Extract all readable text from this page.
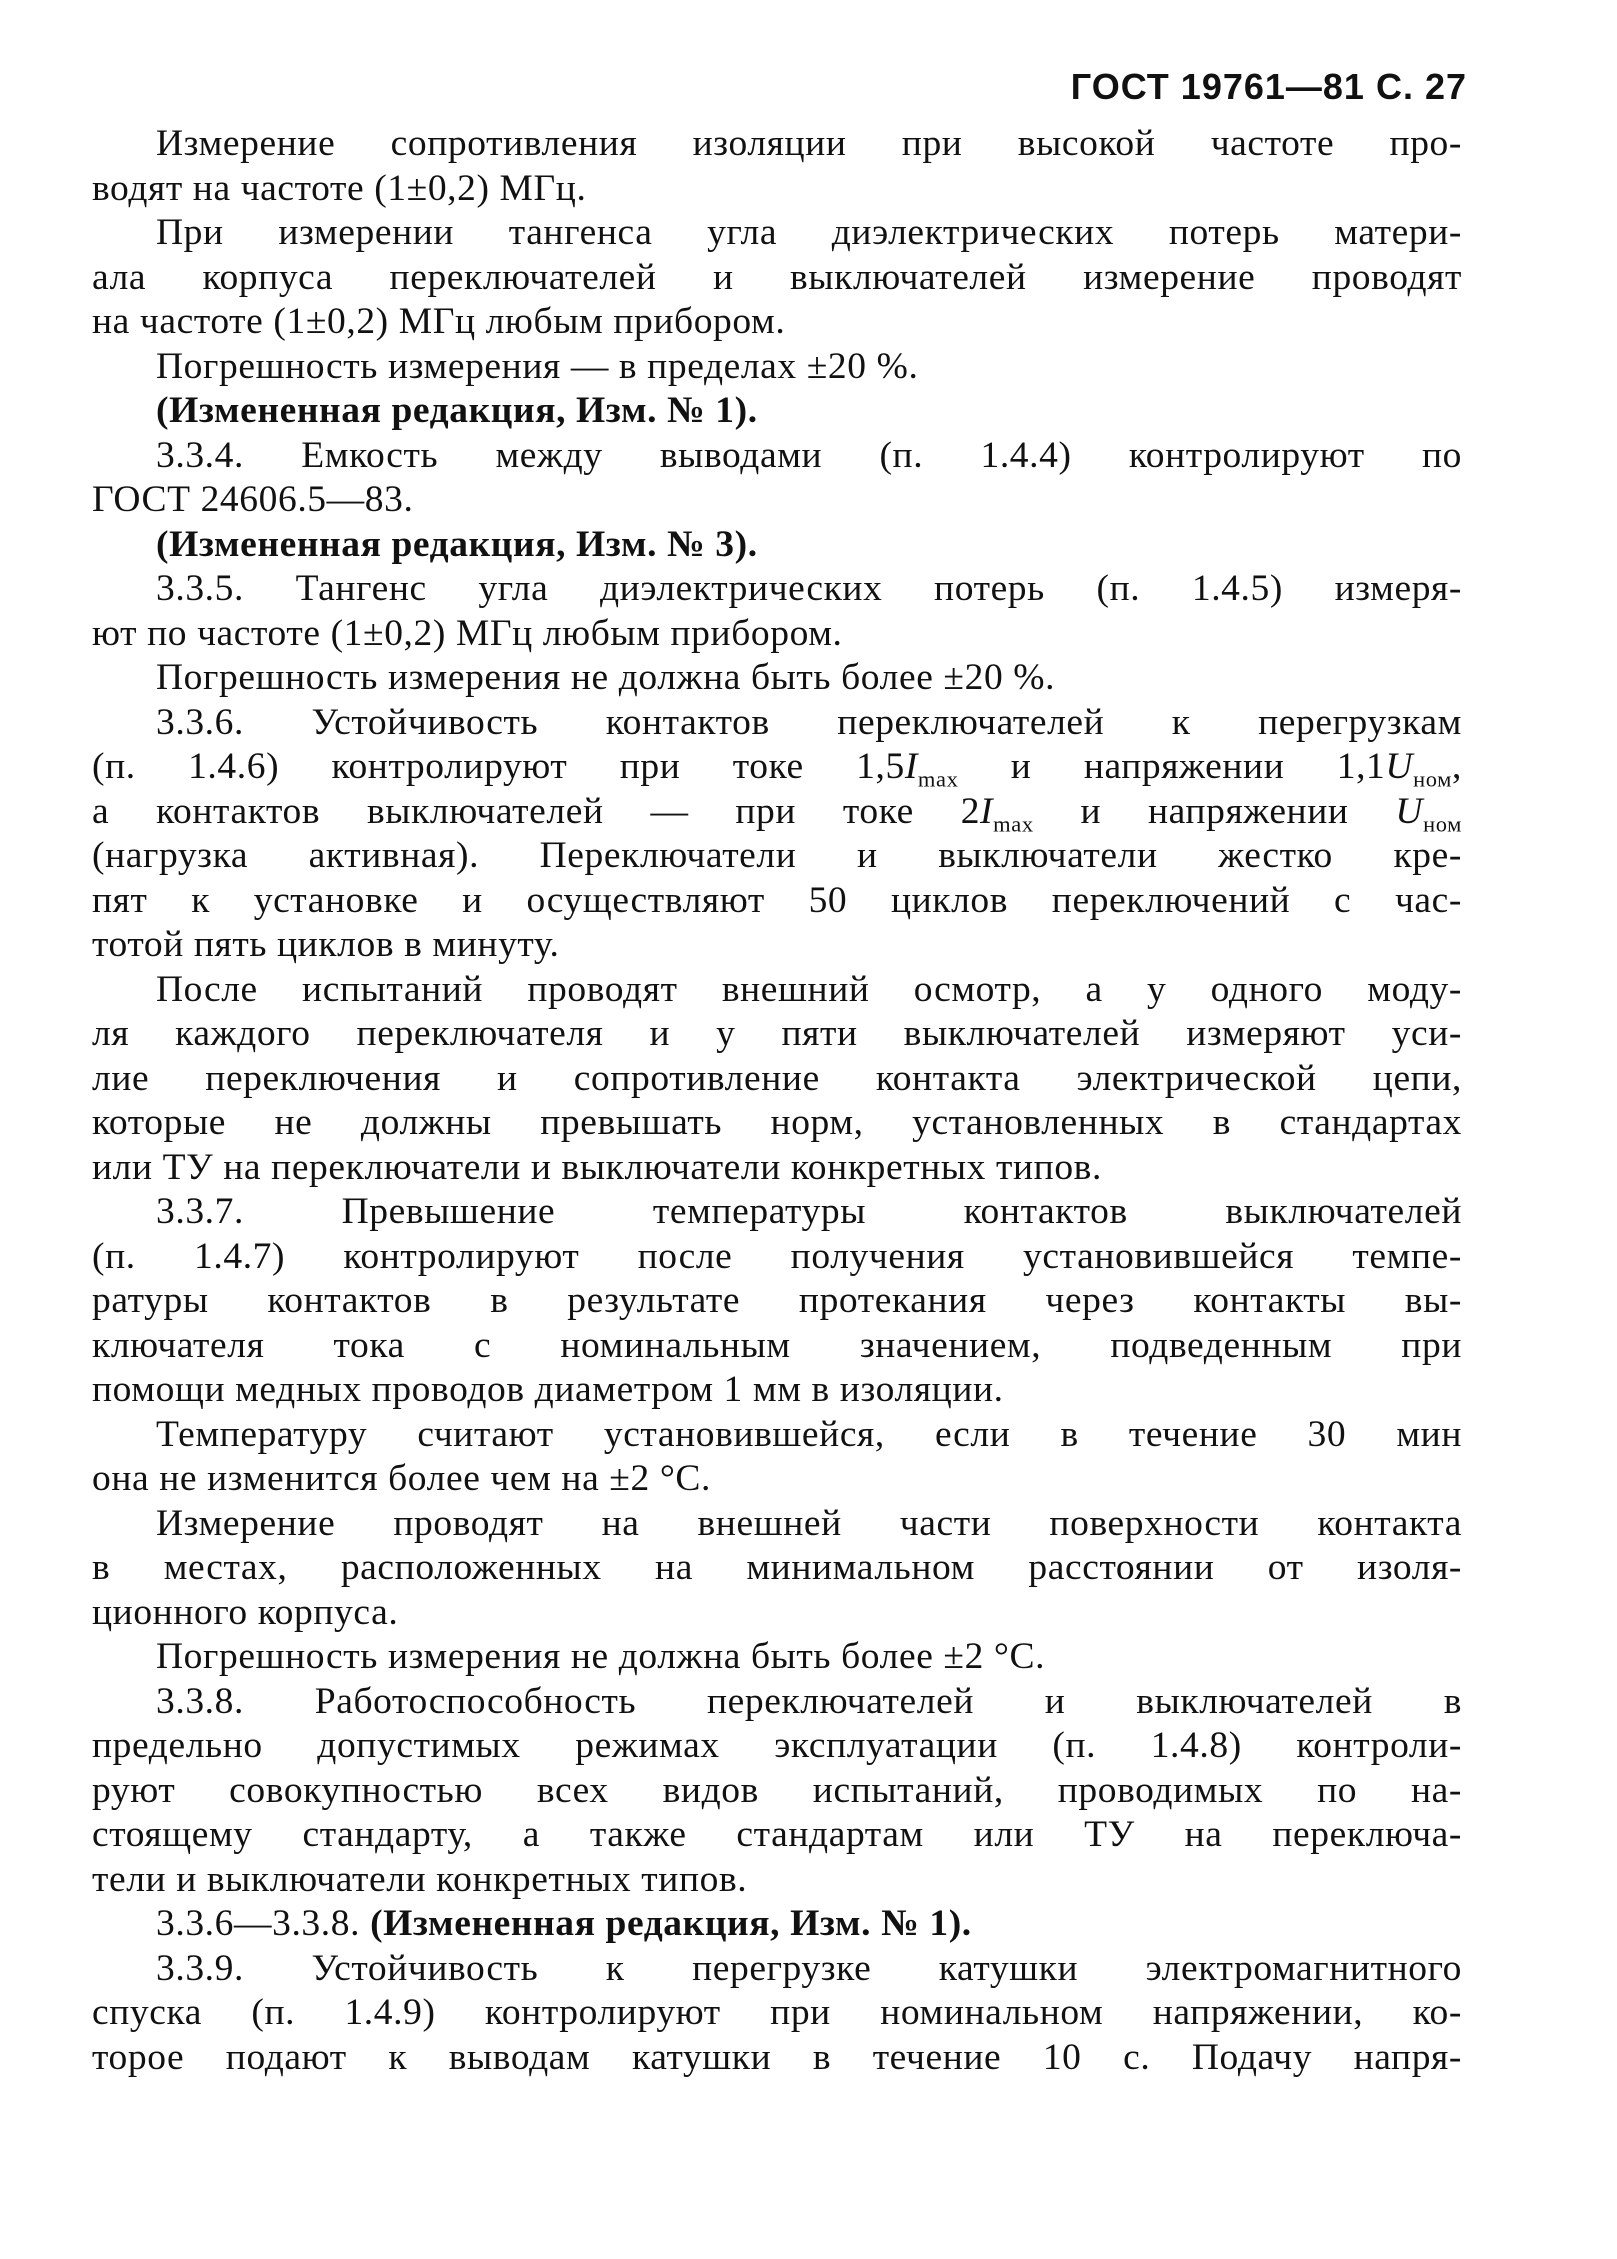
ГОСТ 19761—81 С. 27
Измерение сопротивления изоляции при высокой частоте про-
водят на частоте (1±0,2) МГц.
При измерении тангенса угла диэлектрических потерь матери-
ала корпуса переключателей и выключателей измерение проводят
на частоте (1±0,2) МГц любым прибором.
Погрешность измерения — в пределах ±20 %.
(Измененная редакция, Изм. № 1).
3.3.4. Емкость между выводами (п. 1.4.4) контролируют по
ГОСТ 24606.5—83.
(Измененная редакция, Изм. № 3).
3.3.5. Тангенс угла диэлектрических потерь (п. 1.4.5) измеря-
ют по частоте (1±0,2) МГц любым прибором.
Погрешность измерения не должна быть более ±20 %.
3.3.6. Устойчивость контактов переключателей к перегрузкам
(п. 1.4.6) контролируют при токе $1,5I_{max}$ и напряжении $1,1U_{ном}$,
а контактов выключателей — при токе $2I_{max}$ и напряжении $U_{ном}$
(нагрузка активная). Переключатели и выключатели жестко кре-
пят к установке и осуществляют 50 циклов переключений с час-
тотой пять циклов в минуту.
После испытаний проводят внешний осмотр, а у одного моду-
ля каждого переключателя и у пяти выключателей измеряют уси-
лие переключения и сопротивление контакта электрической цепи,
которые не должны превышать норм, установленных в стандартах
или ТУ на переключатели и выключатели конкретных типов.
3.3.7. Превышение температуры контактов выключателей
(п. 1.4.7) контролируют после получения установившейся темпе-
ратуры контактов в результате протекания через контакты вы-
ключателя тока с номинальным значением, подведенным при
помощи медных проводов диаметром 1 мм в изоляции.
Температуру считают установившейся, если в течение 30 мин
она не изменится более чем на ±2 °С.
Измерение проводят на внешней части поверхности контакта
в местах, расположенных на минимальном расстоянии от изоля-
ционного корпуса.
Погрешность измерения не должна быть более ±2 °С.
3.3.8. Работоспособность переключателей и выключателей в
предельно допустимых режимах эксплуатации (п. 1.4.8) контроли-
руют совокупностью всех видов испытаний, проводимых по на-
стоящему стандарту, а также стандартам или ТУ на переключа-
тели и выключатели конкретных типов.
3.3.6—3.3.8. (Измененная редакция, Изм. № 1).
3.3.9. Устойчивость к перегрузке катушки электромагнитного
спуска (п. 1.4.9) контролируют при номинальном напряжении, ко-
торое подают к выводам катушки в течение 10 с. Подачу напря-
